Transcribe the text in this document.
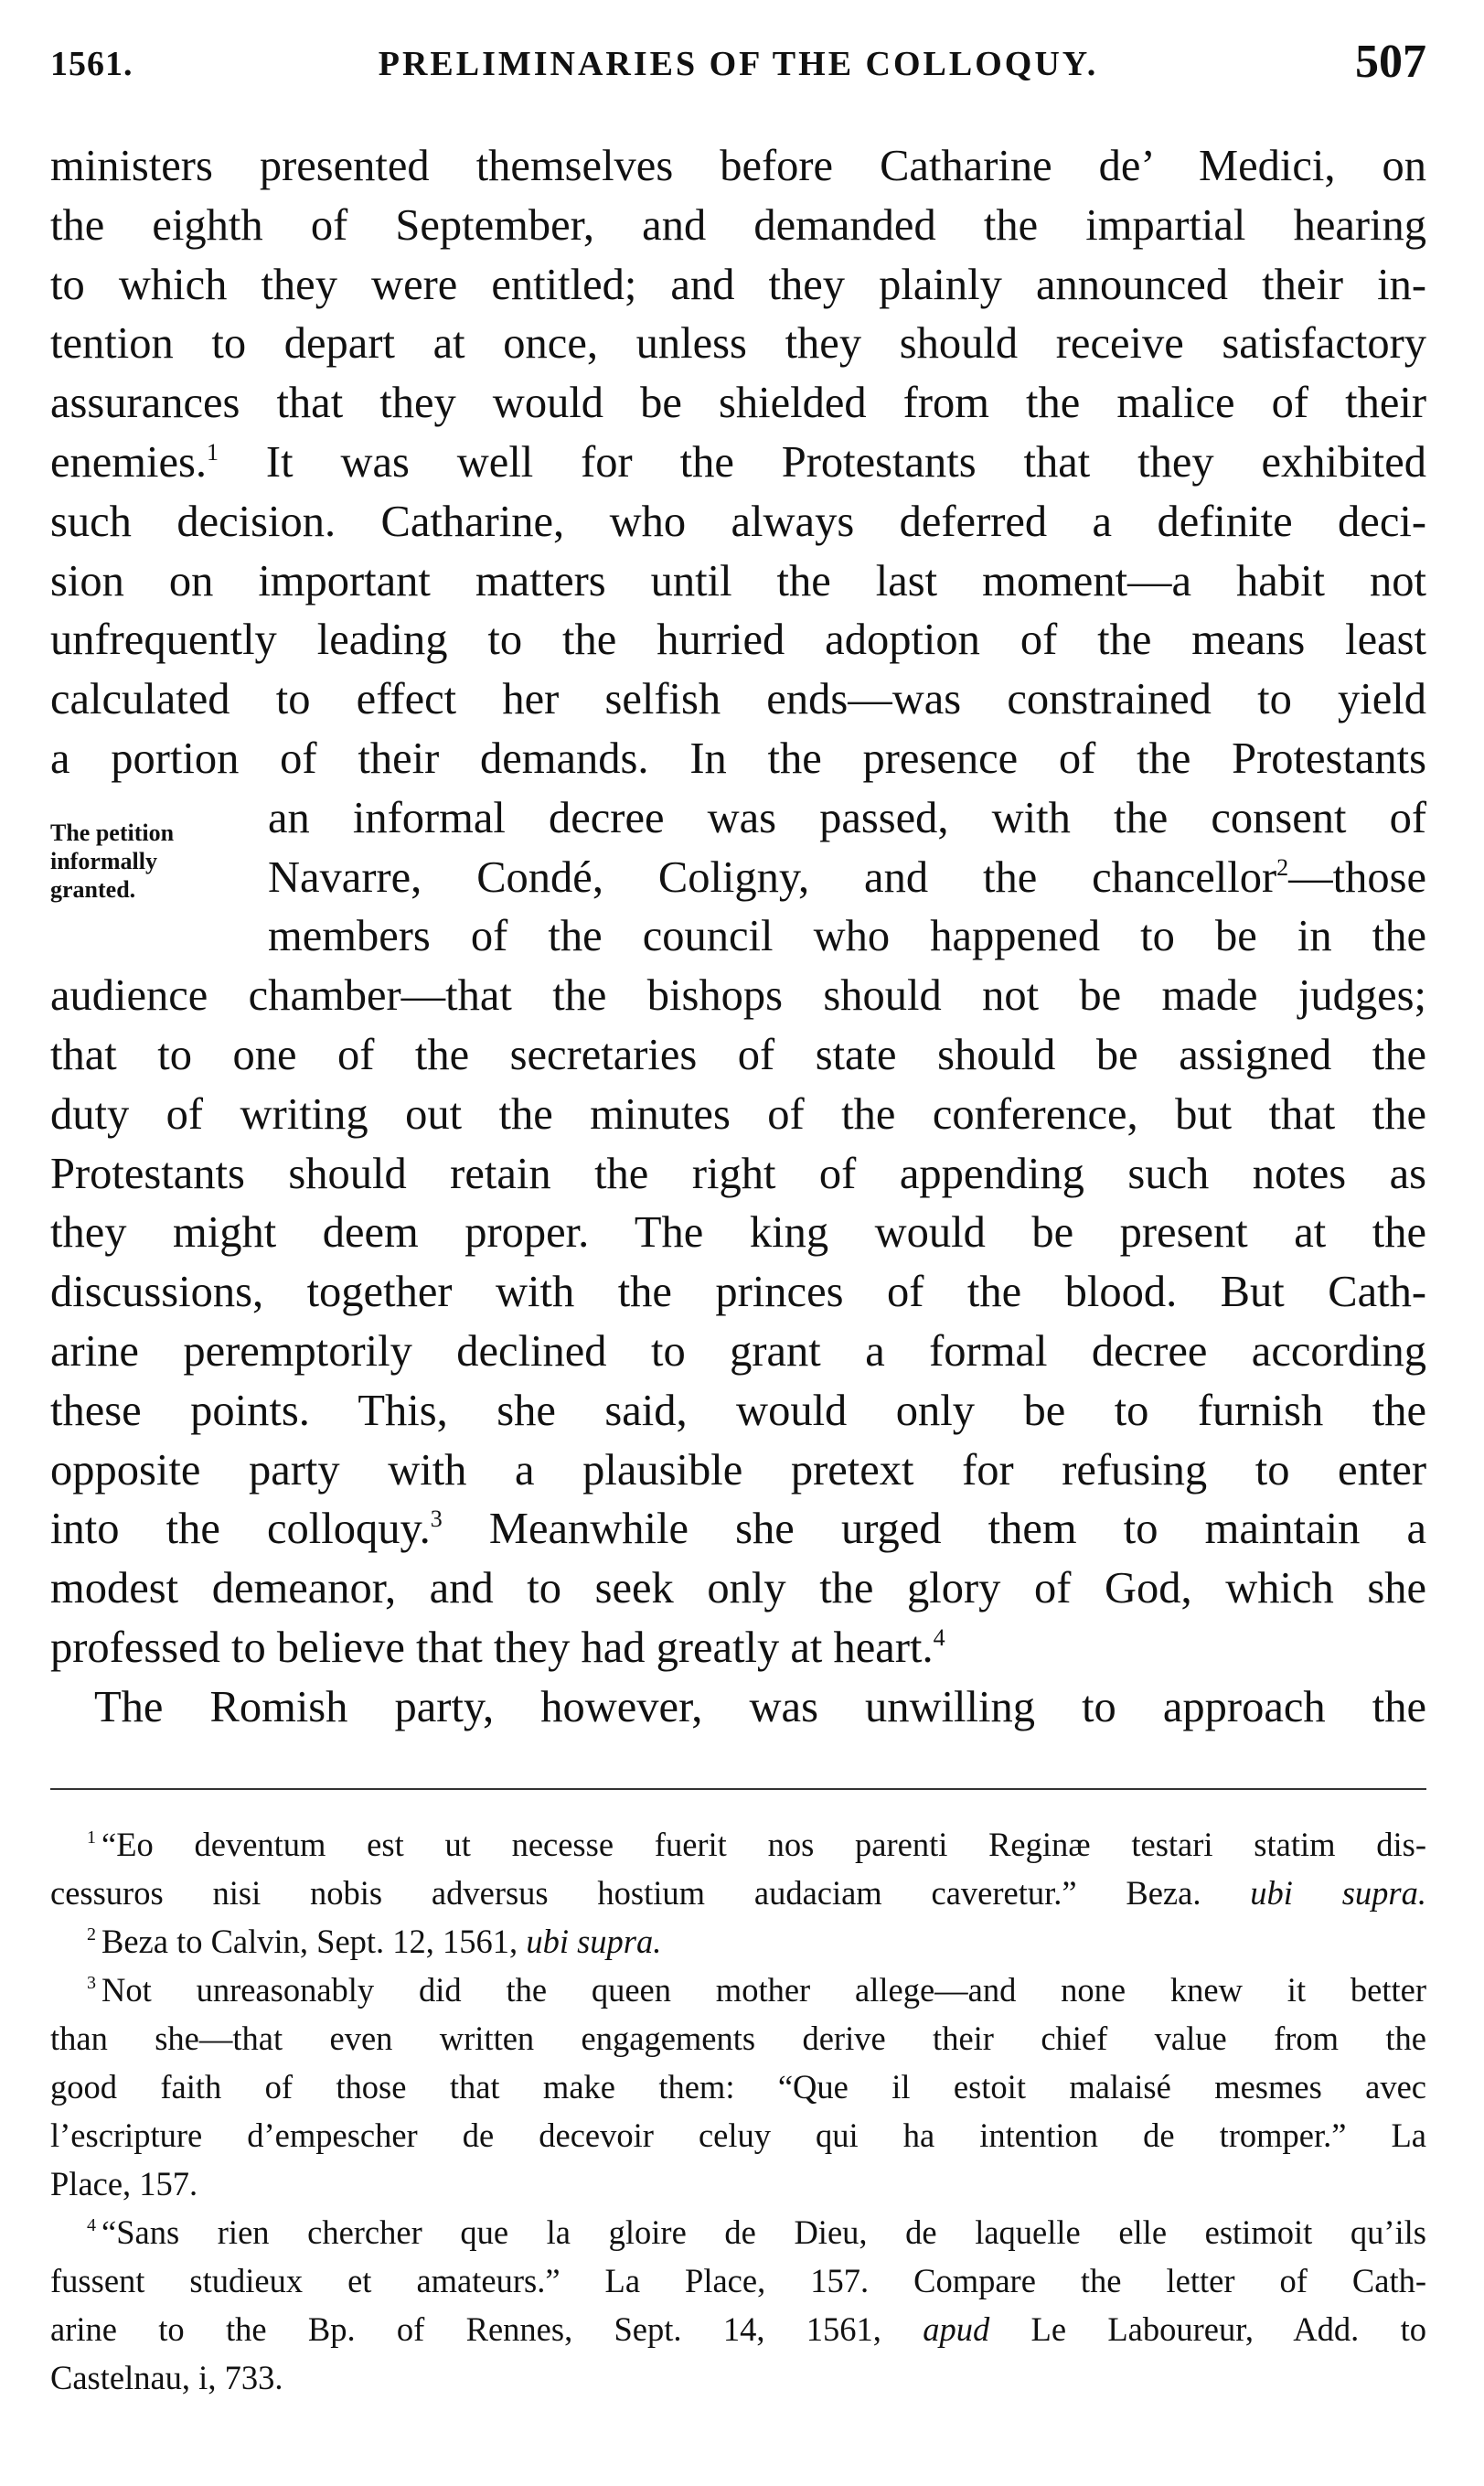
1561.	PRELIMINARIES OF THE COLLOQUY.	507
The petition
informally
granted.
ministers presented themselves before Catharine de’ Medici, on
the eighth of September, and demanded the impartial hearing
to which they were entitled; and they plainly announced their in-
tention to depart at once, unless they should receive satisfactory
assurances that they would be shielded from the malice of their
enemies.$^1$ It was well for the Protestants that they exhibited
such decision. Catharine, who always deferred a definite deci-
sion on important matters until the last moment—a habit not
unfrequently leading to the hurried adoption of the means least
calculated to effect her selfish ends—was constrained to yield
a portion of their demands. In the presence of the Protestants
an informal decree was passed, with the consent of
Navarre, Condé, Coligny, and the chancellor$^2$—those
members of the council who happened to be in the
audience chamber—that the bishops should not be made judges;
that to one of the secretaries of state should be assigned the
duty of writing out the minutes of the conference, but that the
Protestants should retain the right of appending such notes as
they might deem proper. The king would be present at the
discussions, together with the princes of the blood. But Cath-
arine peremptorily declined to grant a formal decree according
these points. This, she said, would only be to furnish the
opposite party with a plausible pretext for refusing to enter
into the colloquy.$^3$ Meanwhile she urged them to maintain a
modest demeanor, and to seek only the glory of God, which she
professed to believe that they had greatly at heart.$^4$
The Romish party, however, was unwilling to approach the
$^1$ “Eo deventum est ut necesse fuerit nos parenti Reginæ testari statim dis-
cessuros nisi nobis adversus hostium audaciam caveretur.” Beza. ubi supra.
$^2$ Beza to Calvin, Sept. 12, 1561, ubi supra.
$^3$ Not unreasonably did the queen mother allege—and none knew it better
than she—that even written engagements derive their chief value from the
good faith of those that make them: “Que il estoit malaisé mesmes avec
l’escripture d’empescher de decevoir celuy qui ha intention de tromper.” La
Place, 157.
$^4$ “Sans rien chercher que la gloire de Dieu, de laquelle elle estimoit qu’ils
fussent studieux et amateurs.” La Place, 157. Compare the letter of Cath-
arine to the Bp. of Rennes, Sept. 14, 1561, apud Le Laboureur, Add. to
Castelnau, i, 733.
